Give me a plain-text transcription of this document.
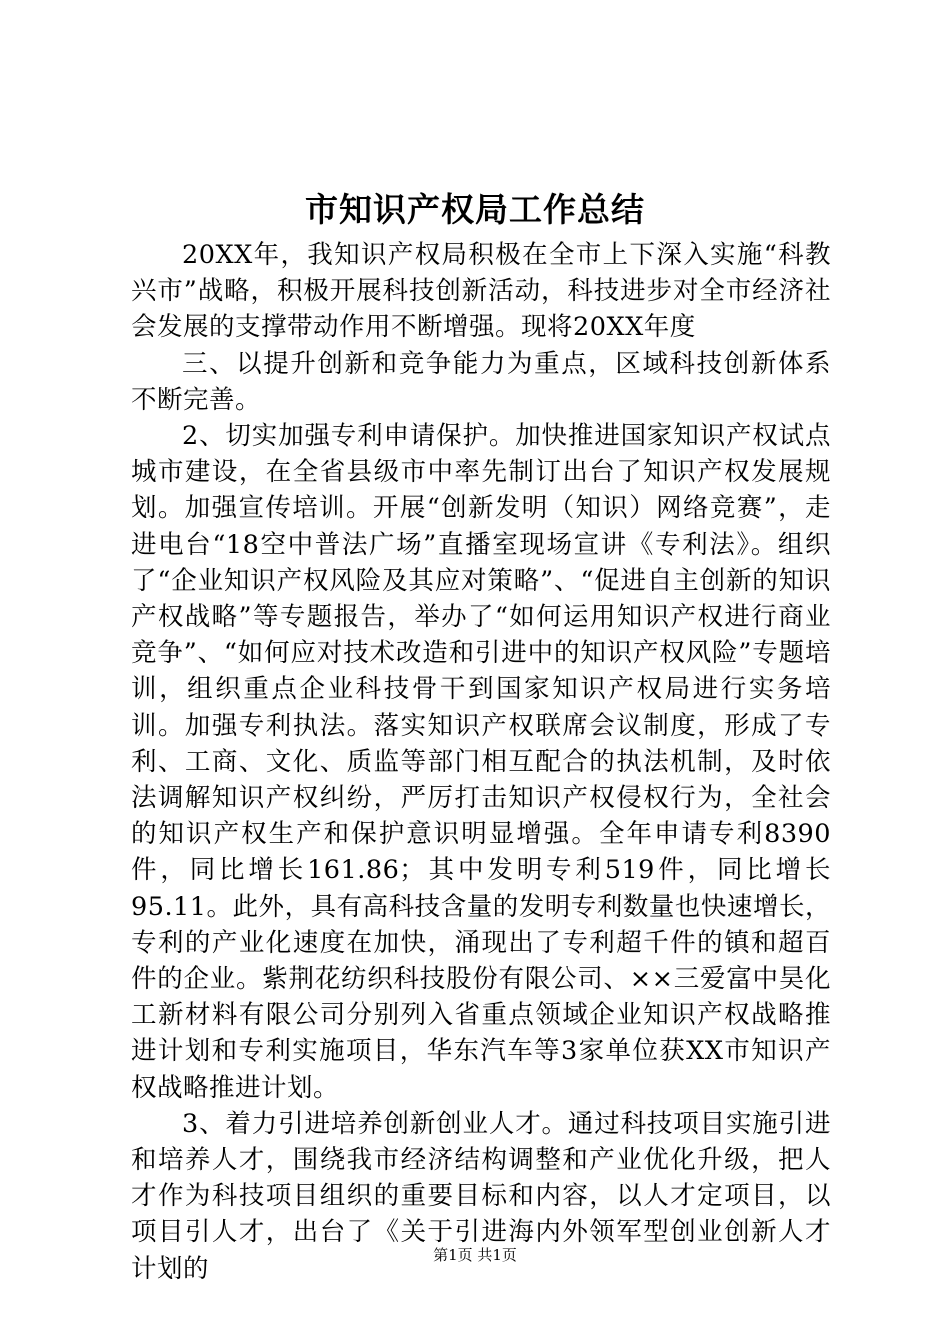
市知识产权局工作总结

20XX年，我知识产权局积极在全市上下深入实施“科教兴市”战略，积极开展科技创新活动，科技进步对全市经济社会发展的支撑带动作用不断增强。现将20XX年度

三、以提升创新和竞争能力为重点，区域科技创新体系不断完善。

2、切实加强专利申请保护。加快推进国家知识产权试点城市建设，在全省县级市中率先制订出台了知识产权发展规划。加强宣传培训。开展“创新发明（知识）网络竞赛”，走进电台“18空中普法广场”直播室现场宣讲《专利法》。组织了“企业知识产权风险及其应对策略”、“促进自主创新的知识产权战略”等专题报告，举办了“如何运用知识产权进行商业竞争”、“如何应对技术改造和引进中的知识产权风险”专题培训，组织重点企业科技骨干到国家知识产权局进行实务培训。加强专利执法。落实知识产权联席会议制度，形成了专利、工商、文化、质监等部门相互配合的执法机制，及时依法调解知识产权纠纷，严厉打击知识产权侵权行为，全社会的知识产权生产和保护意识明显增强。全年申请专利8390件，同比增长161.86；其中发明专利519件，同比增长95.11。此外，具有高科技含量的发明专利数量也快速增长，专利的产业化速度在加快，涌现出了专利超千件的镇和超百件的企业。紫荆花纺织科技股份有限公司、××三爱富中昊化工新材料有限公司分别列入省重点领域企业知识产权战略推进计划和专利实施项目，华东汽车等3家单位获XX市知识产权战略推进计划。

3、着力引进培养创新创业人才。通过科技项目实施引进和培养人才，围绕我市经济结构调整和产业优化升级，把人才作为科技项目组织的重要目标和内容，以人才定项目，以项目引人才，出台了《关于引进海内外领军型创业创新人才计划的	第1页 共1页
